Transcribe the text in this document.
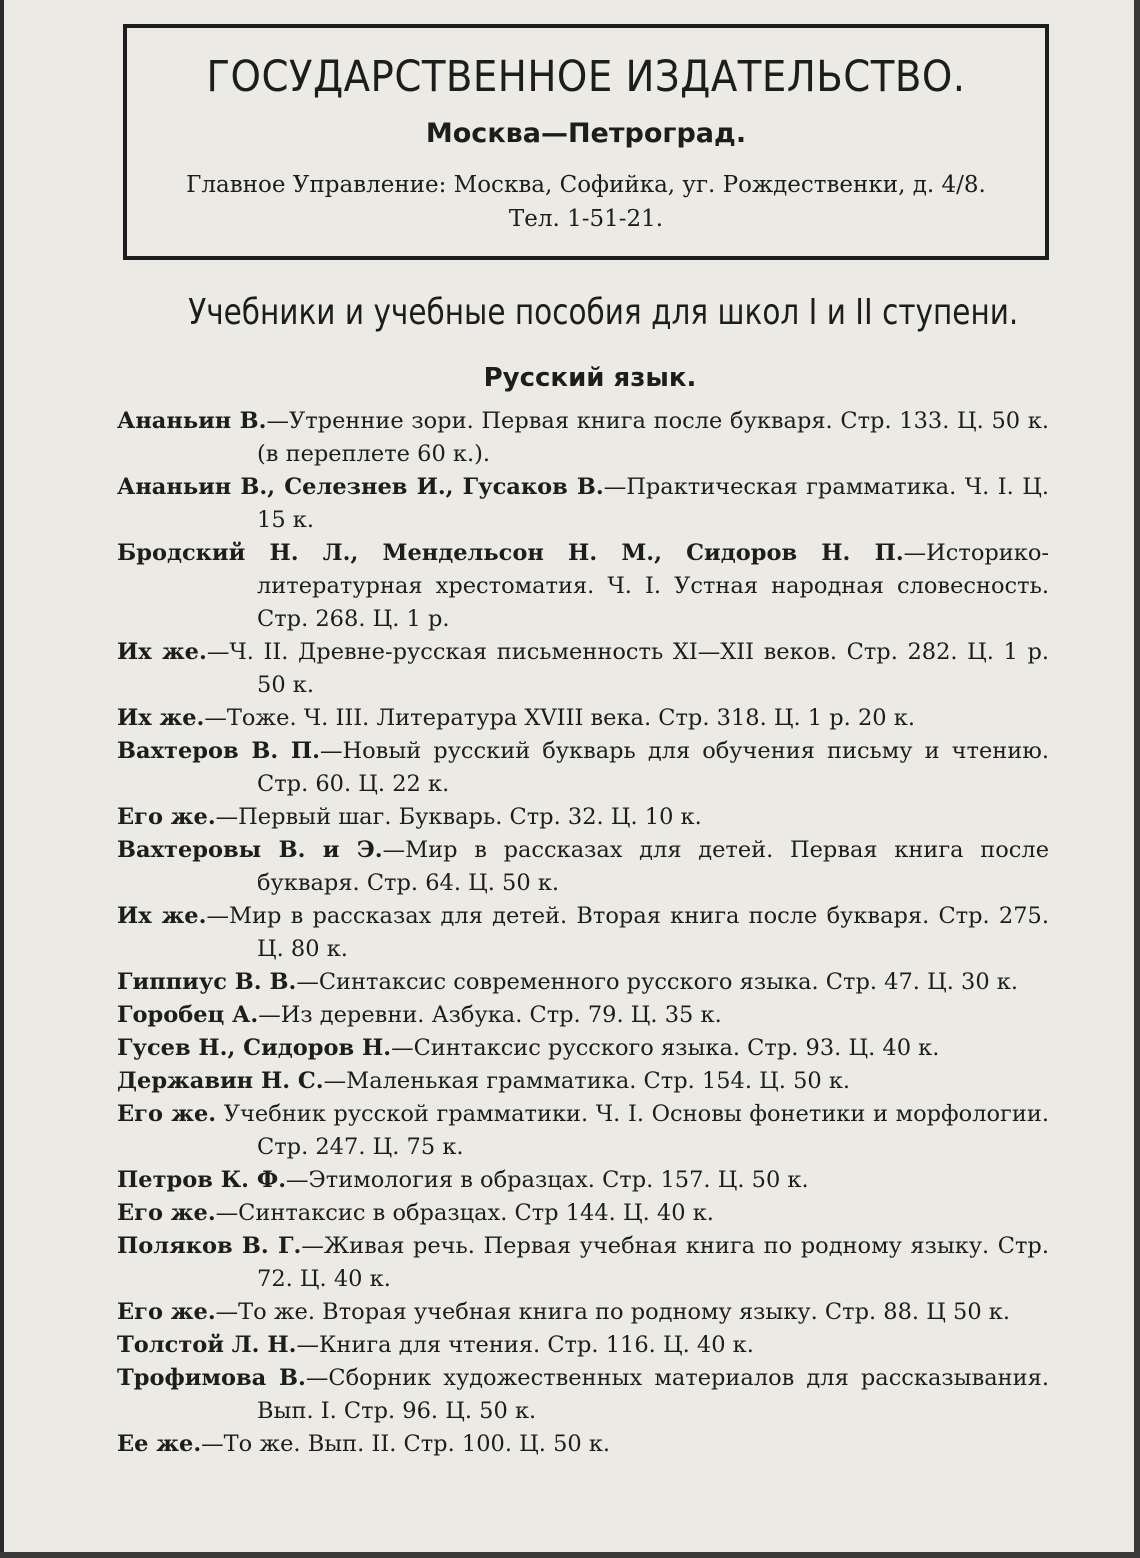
ГОСУДАРСТВЕННОЕ ИЗДАТЕЛЬСТВО.
Москва—Петроград.
Главное Управление: Москва, Софийка, уг. Рождественки, д. 4/8.
Тел. 1-51-21.
Учебники и учебные пособия для школ I и II ступени.
Русский язык.
Ананьин В.—Утренние зори. Первая книга после букваря. Стр. 133. Ц. 50 к. (в переплете 60 к.).
Ананьин В., Селезнев И., Гусаков В.—Практическая грамматика. Ч. I. Ц. 15 к.
Бродский Н. Л., Мендельсон Н. М., Сидоров Н. П.—Историко-литературная хрестоматия. Ч. I. Устная народная словесность. Стр. 268. Ц. 1 р.
Их же.—Ч. II. Древне-русская письменность XI—XII веков. Стр. 282. Ц. 1 р. 50 к.
Их же.—Тоже. Ч. III. Литература XVIII века. Стр. 318. Ц. 1 р. 20 к.
Вахтеров В. П.—Новый русский букварь для обучения письму и чтению. Стр. 60. Ц. 22 к.
Его же.—Первый шаг. Букварь. Стр. 32. Ц. 10 к.
Вахтеровы В. и Э.—Мир в рассказах для детей. Первая книга после букваря. Стр. 64. Ц. 50 к.
Их же.—Мир в рассказах для детей. Вторая книга после букваря. Стр. 275. Ц. 80 к.
Гиппиус В. В.—Синтаксис современного русского языка. Стр. 47. Ц. 30 к.
Горобец А.—Из деревни. Азбука. Стр. 79. Ц. 35 к.
Гусев Н., Сидоров Н.—Синтаксис русского языка. Стр. 93. Ц. 40 к.
Державин Н. С.—Маленькая грамматика. Стр. 154. Ц. 50 к.
Его же. Учебник русской грамматики. Ч. I. Основы фонетики и морфологии. Стр. 247. Ц. 75 к.
Петров К. Ф.—Этимология в образцах. Стр. 157. Ц. 50 к.
Его же.—Синтаксис в образцах. Стр 144. Ц. 40 к.
Поляков В. Г.—Живая речь. Первая учебная книга по родному языку. Стр. 72. Ц. 40 к.
Его же.—То же. Вторая учебная книга по родному языку. Стр. 88. Ц 50 к.
Толстой Л. Н.—Книга для чтения. Стр. 116. Ц. 40 к.
Трофимова В.—Сборник художественных материалов для рассказывания. Вып. I. Стр. 96. Ц. 50 к.
Ее же.—То же. Вып. II. Стр. 100. Ц. 50 к.
